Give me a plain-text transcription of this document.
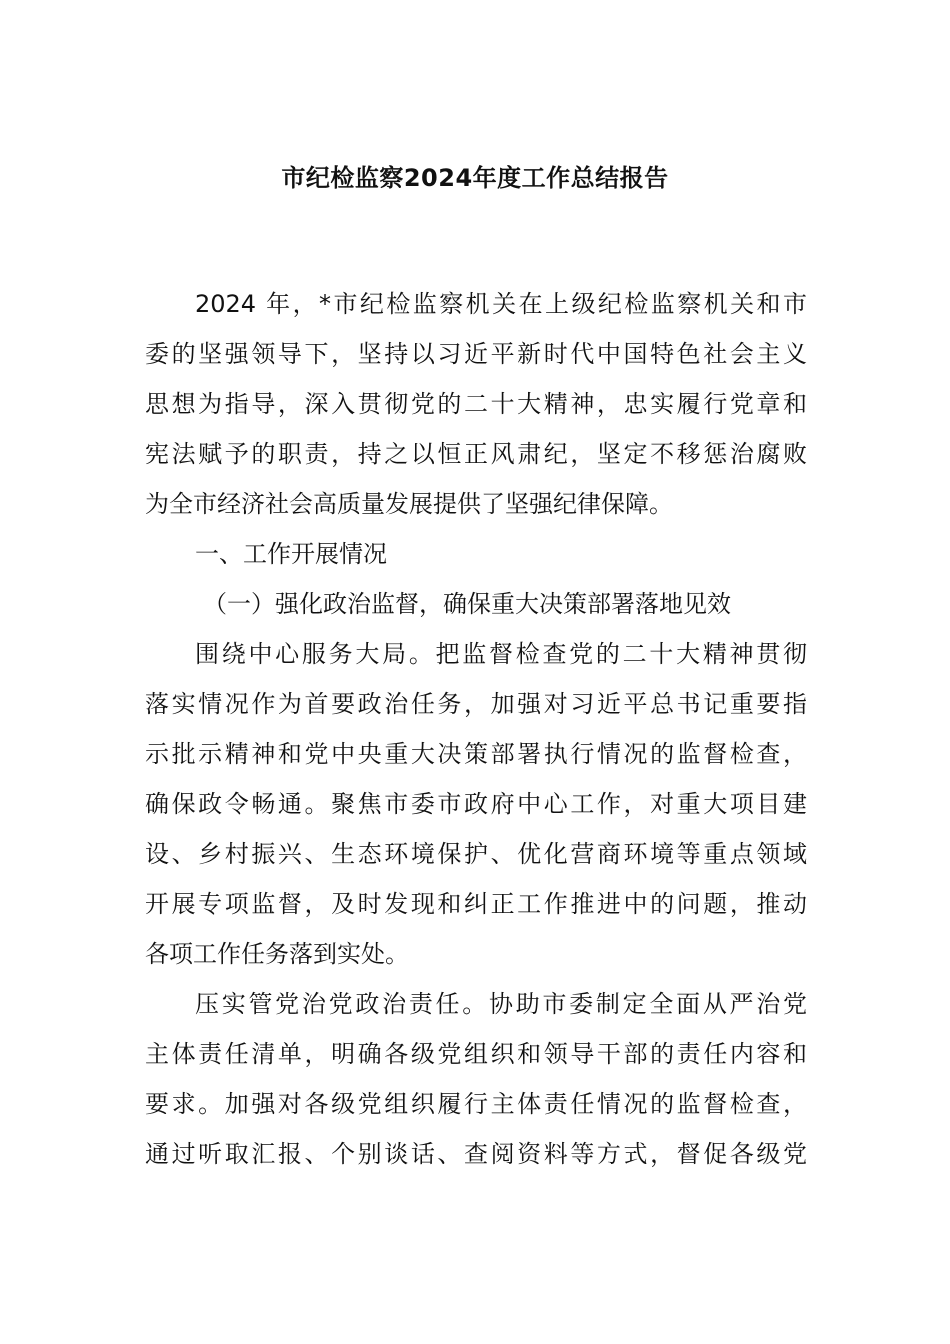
市纪检监察2024年度工作总结报告
2024 年，*市纪检监察机关在上级纪检监察机关和市
委的坚强领导下，坚持以习近平新时代中国特色社会主义
思想为指导，深入贯彻党的二十大精神，忠实履行党章和
宪法赋予的职责，持之以恒正风肃纪，坚定不移惩治腐败
为全市经济社会高质量发展提供了坚强纪律保障。
一、工作开展情况
（一）强化政治监督，确保重大决策部署落地见效
围绕中心服务大局。把监督检查党的二十大精神贯彻
落实情况作为首要政治任务，加强对习近平总书记重要指
示批示精神和党中央重大决策部署执行情况的监督检查，
确保政令畅通。聚焦市委市政府中心工作，对重大项目建
设、乡村振兴、生态环境保护、优化营商环境等重点领域
开展专项监督，及时发现和纠正工作推进中的问题，推动
各项工作任务落到实处。
压实管党治党政治责任。协助市委制定全面从严治党
主体责任清单，明确各级党组织和领导干部的责任内容和
要求。加强对各级党组织履行主体责任情况的监督检查，
通过听取汇报、个别谈话、查阅资料等方式，督促各级党
